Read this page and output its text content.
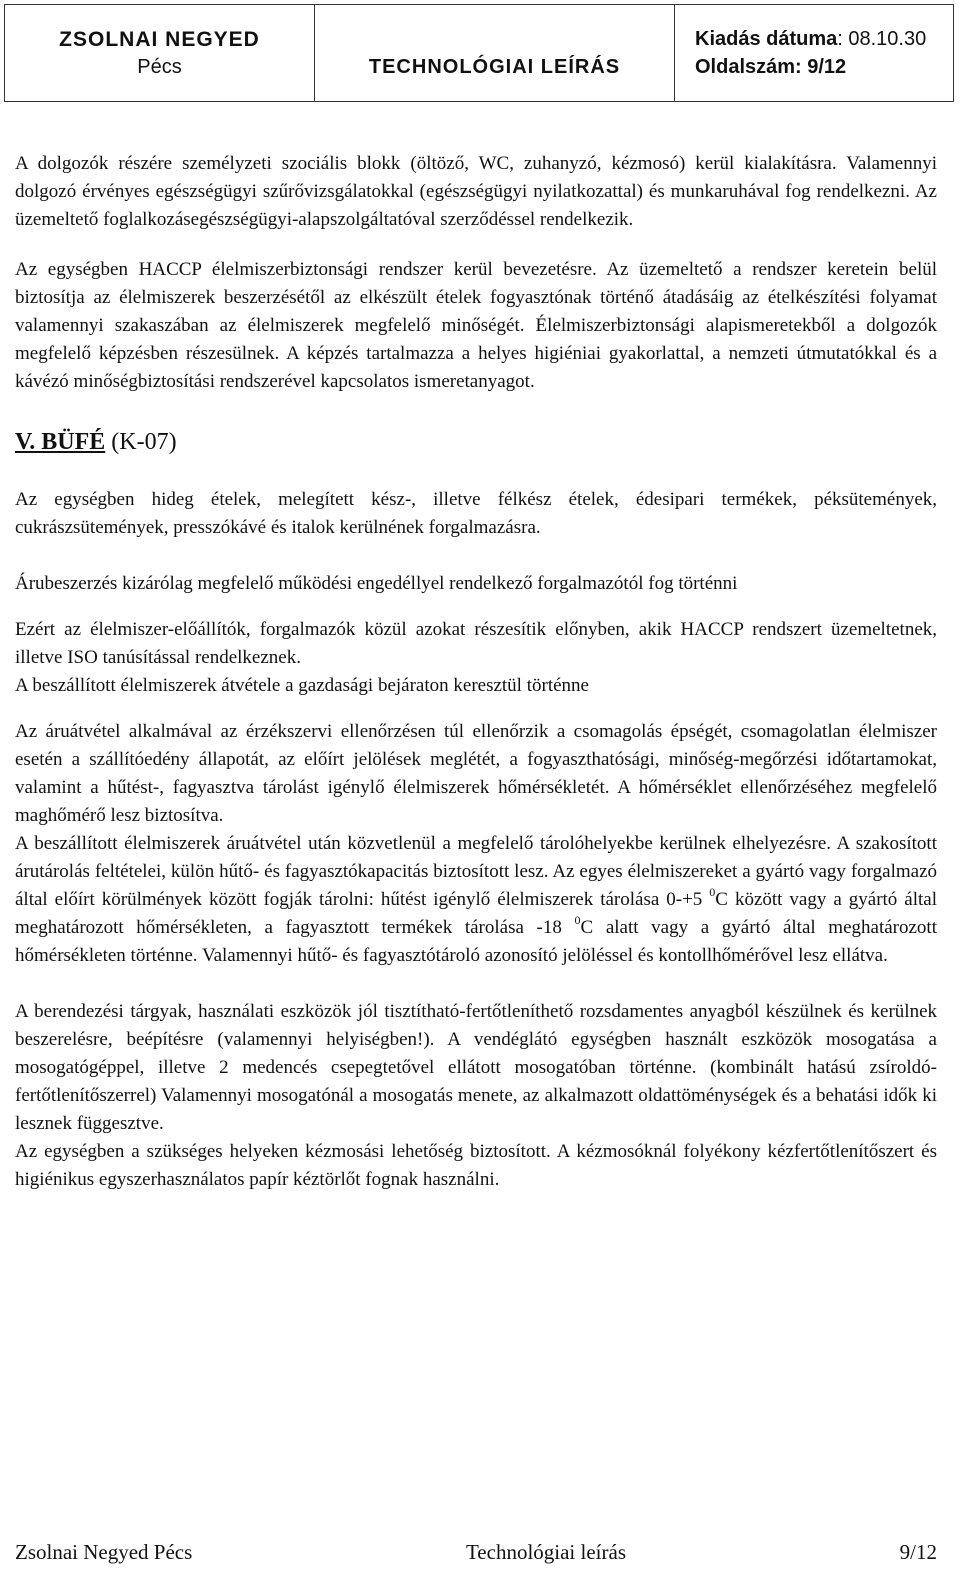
ZSOLNAI NEGYED
Pécs	TECHNOLÓGIAI LEÍRÁS
Kiadás dátuma: 08.10.30
Oldalszám: 9/12

A dolgozók részére személyzeti szociális blokk (öltöző, WC, zuhanyzó, kézmosó) kerül kialakításra. Valamennyi dolgozó érvényes egészségügyi szűrővizsgálatokkal (egészségügyi nyilatkozattal) és munkaruhával fog rendelkezni. Az üzemeltető foglalkozásegészségügyi-alapszolgáltatóval szerződéssel rendelkezik.

Az egységben HACCP élelmiszerbiztonsági rendszer kerül bevezetésre. Az üzemeltető a rendszer keretein belül biztosítja az élelmiszerek beszerzésétől az elkészült ételek fogyasztónak történő átadásáig az ételkészítési folyamat valamennyi szakaszában az élelmiszerek megfelelő minőségét. Élelmiszerbiztonsági alapismeretekből a dolgozók megfelelő képzésben részesülnek. A képzés tartalmazza a helyes higiéniai gyakorlattal, a nemzeti útmutatókkal és a kávézó minőségbiztosítási rendszerével kapcsolatos ismeretanyagot.

V. BÜFÉ (K-07)

Az egységben hideg ételek, melegített kész-, illetve félkész ételek, édesipari termékek, péksütemények, cukrászsütemények, presszókávé és italok kerülnének forgalmazásra.

Árubeszerzés kizárólag megfelelő működési engedéllyel rendelkező forgalmazótól fog történni

Ezért az élelmiszer-előállítók, forgalmazók közül azokat részesítik előnyben, akik HACCP rendszert üzemeltetnek, illetve ISO tanúsítással rendelkeznek.

A beszállított élelmiszerek átvétele a gazdasági bejáraton keresztül történne

Az áruátvétel alkalmával az érzékszervi ellenőrzésen túl ellenőrzik a csomagolás épségét, csomagolatlan élelmiszer esetén a szállítóedény állapotát, az előírt jelölések meglétét, a fogyaszthatósági, minőség-megőrzési időtartamokat, valamint a hűtést-, fagyasztva tárolást igénylő élelmiszerek hőmérsékletét. A hőmérséklet ellenőrzéséhez megfelelő maghőmérő lesz biztosítva.

A beszállított élelmiszerek áruátvétel után közvetlenül a megfelelő tárolóhelyekbe kerülnek elhelyezésre. A szakosított árutárolás feltételei, külön hűtő- és fagyasztókapacitás biztosított lesz. Az egyes élelmiszereket a gyártó vagy forgalmazó által előírt körülmények között fogják tárolni: hűtést igénylő élelmiszerek tárolása 0-+5 $^0$C között vagy a gyártó által meghatározott hőmérsékleten, a fagyasztott termékek tárolása -18 $^0$C alatt vagy a gyártó által meghatározott hőmérsékleten történne. Valamennyi hűtő- és fagyasztótároló azonosító jelöléssel és kontollhőmérővel lesz ellátva.

A berendezési tárgyak, használati eszközök jól tisztítható-fertőtleníthető rozsdamentes anyagból készülnek és kerülnek beszerelésre, beépítésre (valamennyi helyiségben!). A vendéglátó egységben használt eszközök mosogatása a mosogatógéppel, illetve 2 medencés csepegtetővel ellátott mosogatóban történne. (kombinált hatású zsíroldó-fertőtlenítőszerrel) Valamennyi mosogatónál a mosogatás menete, az alkalmazott oldattöménységek és a behatási idők ki lesznek függesztve.

Az egységben a szükséges helyeken kézmosási lehetőség biztosított. A kézmosóknál folyékony kézfertőtlenítőszert és higiénikus egyszerhasználatos papír kéztörlőt fognak használni.

Zsolnai Negyed Pécs	Technológiai leírás	9/12
